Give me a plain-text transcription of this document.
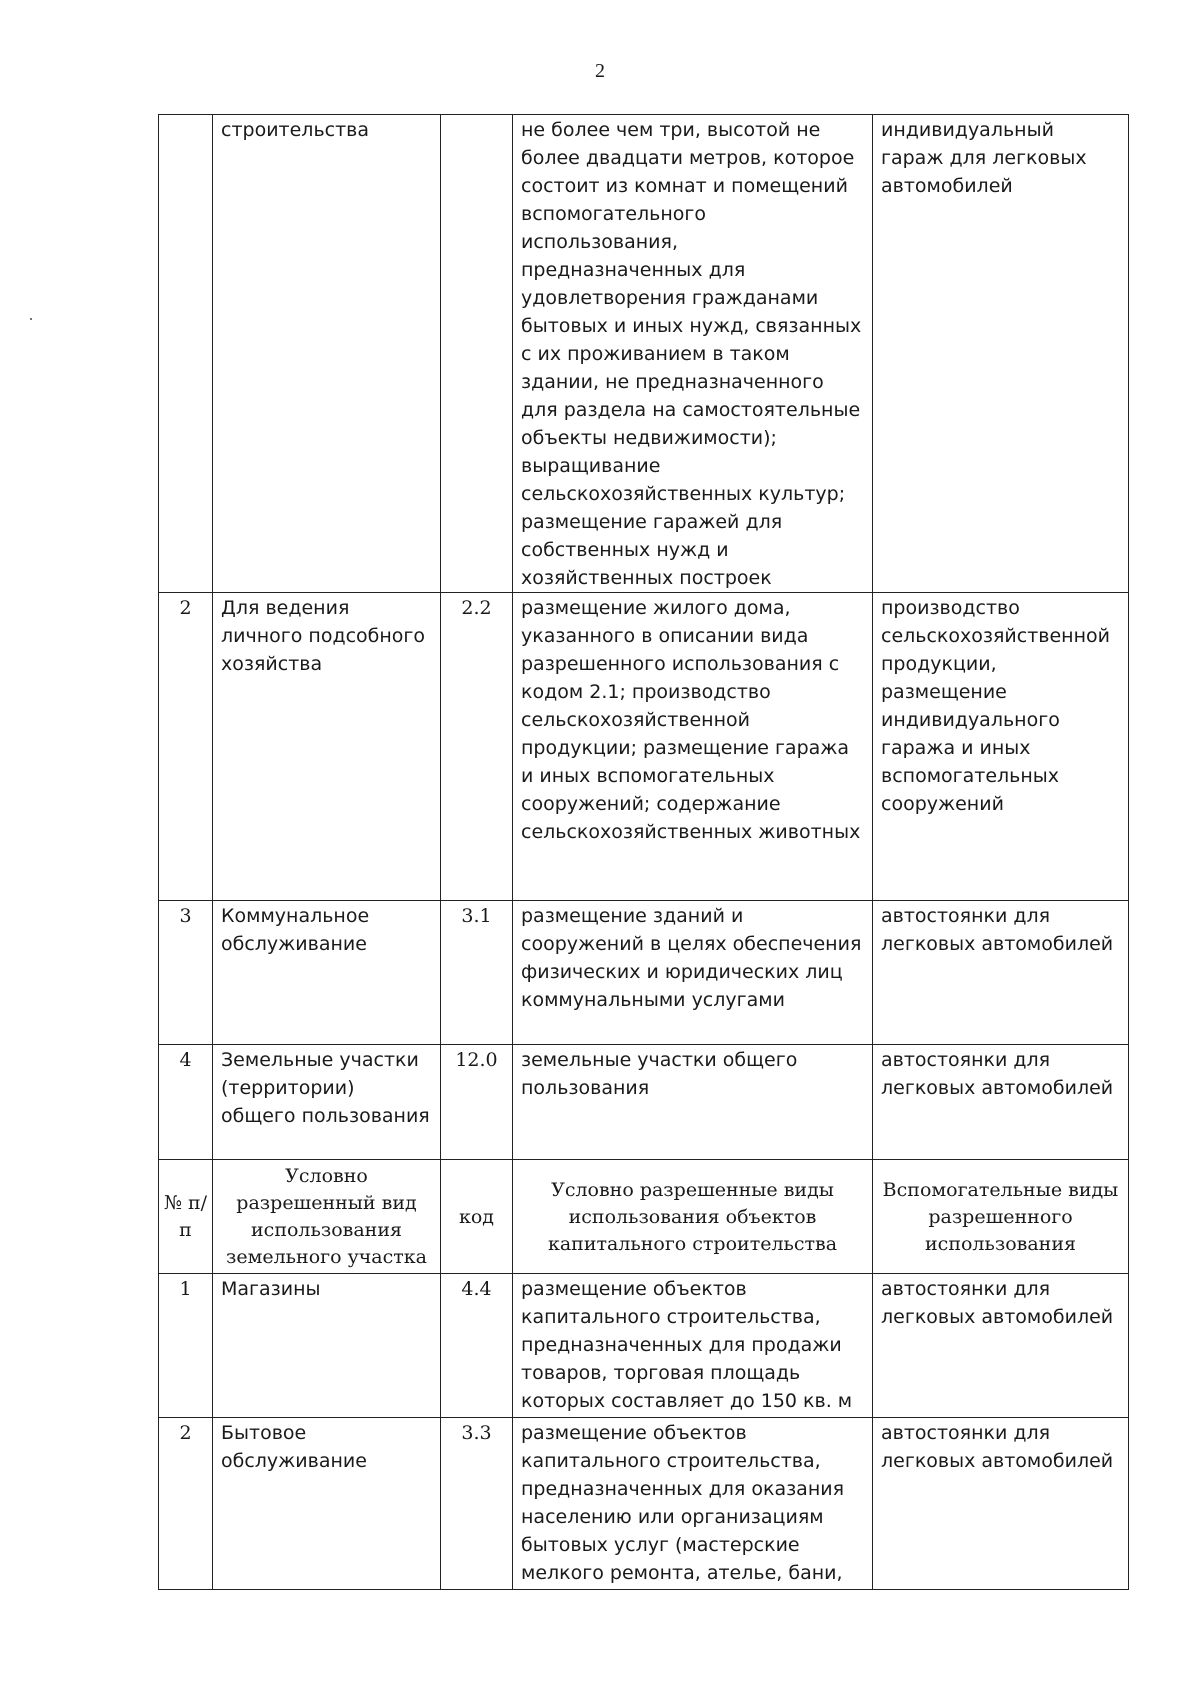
2
	строительства		не более чем три, высотой не более двадцати метров, которое состоит из комнат и помещений вспомогательного использования, предназначенных для удовлетворения гражданами бытовых и иных нужд, связанных с их проживанием в таком здании, не предназначенного для раздела на самостоятельные объекты недвижимости); выращивание сельскохозяйственных культур; размещение гаражей для собственных нужд и хозяйственных построек	индивидуальный гараж для легковых автомобилей
2	Для ведения личного подсобного хозяйства	2.2	размещение жилого дома, указанного в описании вида разрешенного использования с кодом 2.1; производство сельскохозяйственной продукции; размещение гаража и иных вспомогательных сооружений; содержание сельскохозяйственных животных	производство сельскохозяйственной продукции, размещение индивидуального гаража и иных вспомогательных сооружений
3	Коммунальное обслуживание	3.1	размещение зданий и сооружений в целях обеспечения физических и юридических лиц коммунальными услугами	автостоянки для легковых автомобилей
4	Земельные участки (территории) общего пользования	12.0	земельные участки общего пользования	автостоянки для легковых автомобилей
№ п/п	Условно разрешенный вид использования земельного участка	код	Условно разрешенные виды использования объектов капитального строительства	Вспомогательные виды разрешенного использования
1	Магазины	4.4	размещение объектов капитального строительства, предназначенных для продажи товаров, торговая площадь которых составляет до 150 кв. м	автостоянки для легковых автомобилей
2	Бытовое обслуживание	3.3	размещение объектов капитального строительства, предназначенных для оказания населению или организациям бытовых услуг (мастерские мелкого ремонта, ателье, бани,	автостоянки для легковых автомобилей
